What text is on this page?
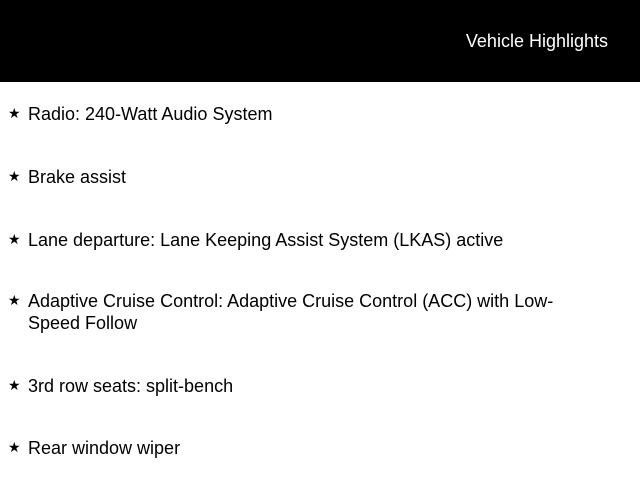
Vehicle Highlights
★ Radio: 240-Watt Audio System
★ Brake assist
★ Lane departure: Lane Keeping Assist System (LKAS) active
★ Adaptive Cruise Control: Adaptive Cruise Control (ACC) with Low-Speed Follow
★ 3rd row seats: split-bench
★ Rear window wiper
